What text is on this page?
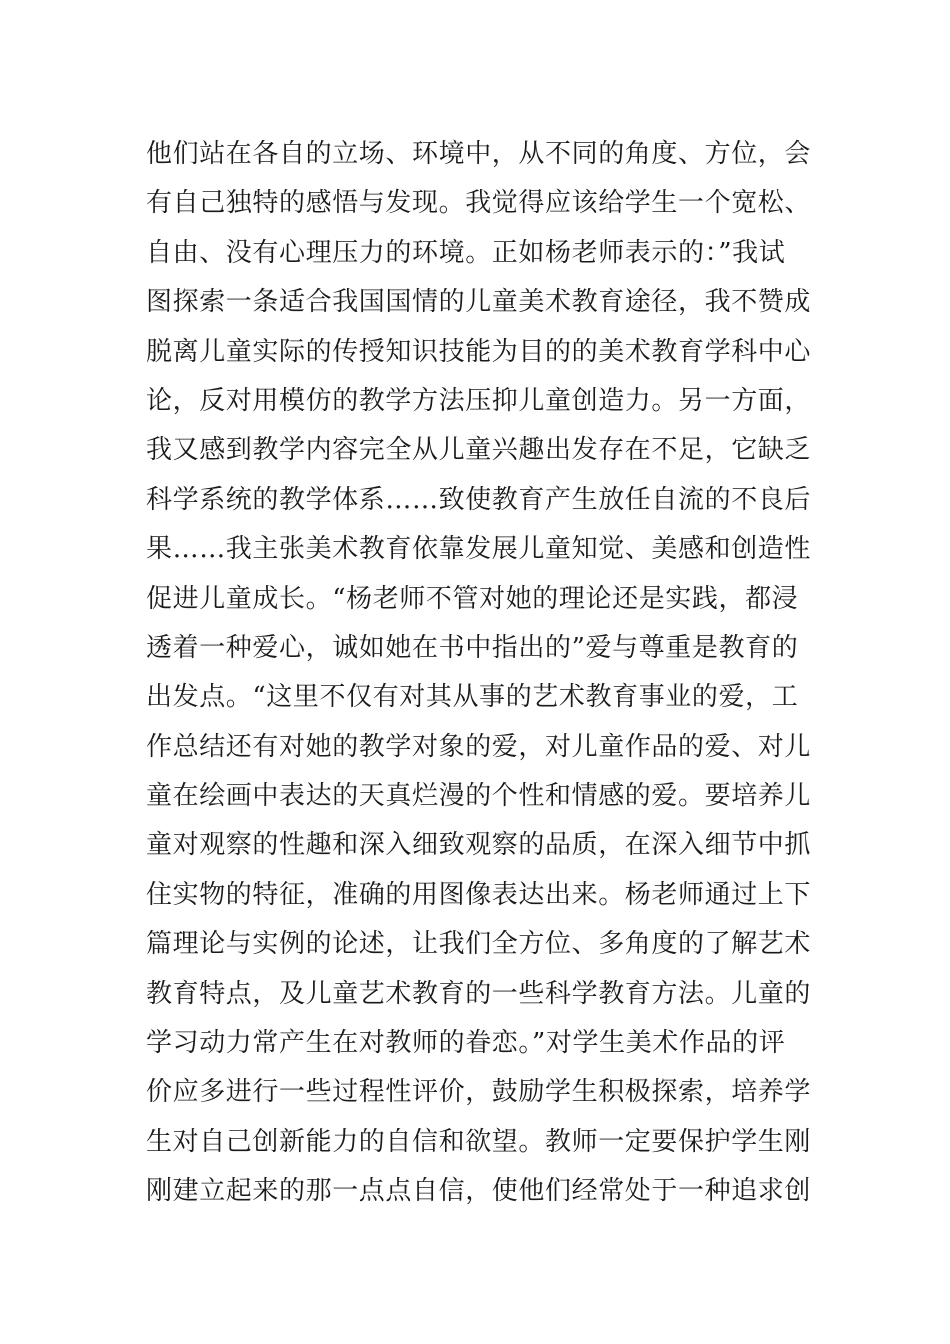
他们站在各自的立场、环境中，从不同的角度、方位，会
有自己独特的感悟与发现。我觉得应该给学生一个宽松、
自由、没有心理压力的环境。正如杨老师表示的：”我试
图探索一条适合我国国情的儿童美术教育途径，我不赞成
脱离儿童实际的传授知识技能为目的的美术教育学科中心
论，反对用模仿的教学方法压抑儿童创造力。另一方面，
我又感到教学内容完全从儿童兴趣出发存在不足，它缺乏
科学系统的教学体系……致使教育产生放任自流的不良后
果……我主张美术教育依靠发展儿童知觉、美感和创造性
促进儿童成长。“杨老师不管对她的理论还是实践，都浸
透着一种爱心，诚如她在书中指出的”爱与尊重是教育的
出发点。“这里不仅有对其从事的艺术教育事业的爱，工
作总结还有对她的教学对象的爱，对儿童作品的爱、对儿
童在绘画中表达的天真烂漫的个性和情感的爱。要培养儿
童对观察的性趣和深入细致观察的品质，在深入细节中抓
住实物的特征，准确的用图像表达出来。杨老师通过上下
篇理论与实例的论述，让我们全方位、多角度的了解艺术
教育特点，及儿童艺术教育的一些科学教育方法。儿童的
学习动力常产生在对教师的眷恋。”对学生美术作品的评
价应多进行一些过程性评价，鼓励学生积极探索，培养学
生对自己创新能力的自信和欲望。教师一定要保护学生刚
刚建立起来的那一点点自信，使他们经常处于一种追求创
